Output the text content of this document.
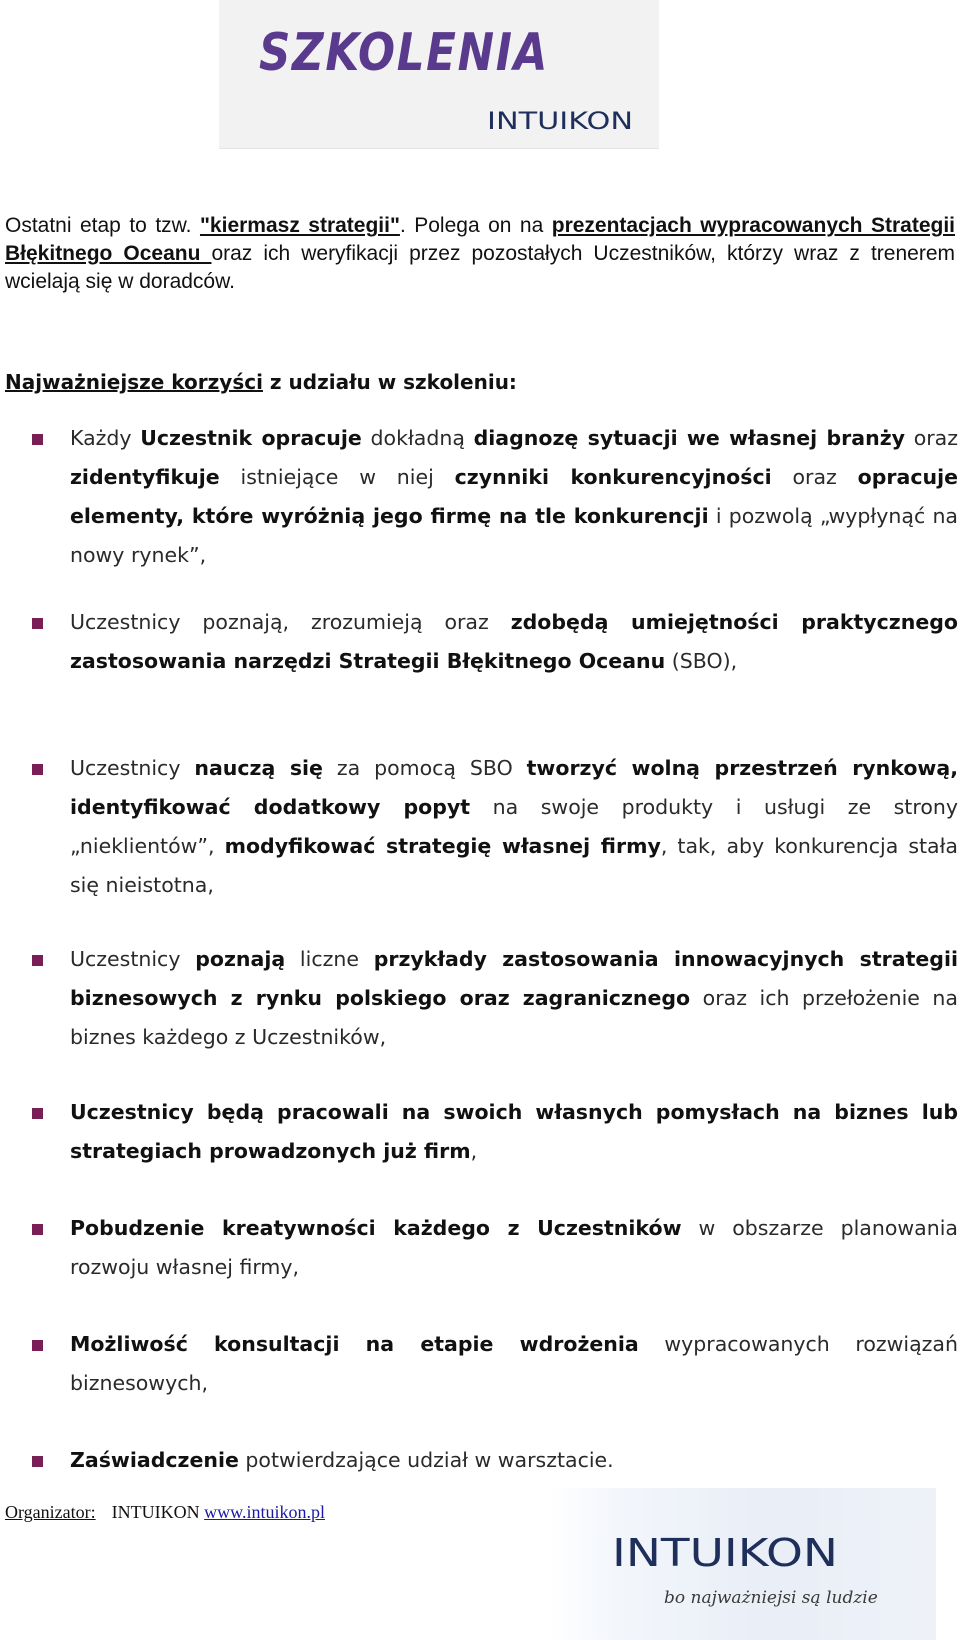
SZKOLENIA
INTUIKON

Ostatni etap to tzw. "kiermasz strategii". Polega on na prezentacjach wypracowanych Strategii Błękitnego Oceanu oraz ich weryfikacji przez pozostałych Uczestników, którzy wraz z trenerem wcielają się w doradców.

Najważniejsze korzyści z udziału w szkoleniu:
Każdy Uczestnik opracuje dokładną diagnozę sytuacji we własnej branży oraz zidentyfikuje istniejące w niej czynniki konkurencyjności oraz opracuje elementy, które wyróżnią jego firmę na tle konkurencji i pozwolą „wypłynąć na nowy rynek”,
Uczestnicy poznają, zrozumieją oraz zdobędą umiejętności praktycznego zastosowania narzędzi Strategii Błękitnego Oceanu (SBO),
Uczestnicy nauczą się za pomocą SBO tworzyć wolną przestrzeń rynkową, identyfikować dodatkowy popyt na swoje produkty i usługi ze strony „nieklientów”, modyfikować strategię własnej firmy, tak, aby konkurencja stała się nieistotna,
Uczestnicy poznają liczne przykłady zastosowania innowacyjnych strategii biznesowych z rynku polskiego oraz zagranicznego oraz ich przełożenie na biznes każdego z Uczestników,
Uczestnicy będą pracowali na swoich własnych pomysłach na biznes lub strategiach prowadzonych już firm,
Pobudzenie kreatywności każdego z Uczestników w obszarze planowania rozwoju własnej firmy,
Możliwość konsultacji na etapie wdrożenia wypracowanych rozwiązań biznesowych,
Zaświadczenie potwierdzające udział w warsztacie.
Organizator: INTUIKON www.intuikon.pl
INTUIKON
bo najważniejsi są ludzie
